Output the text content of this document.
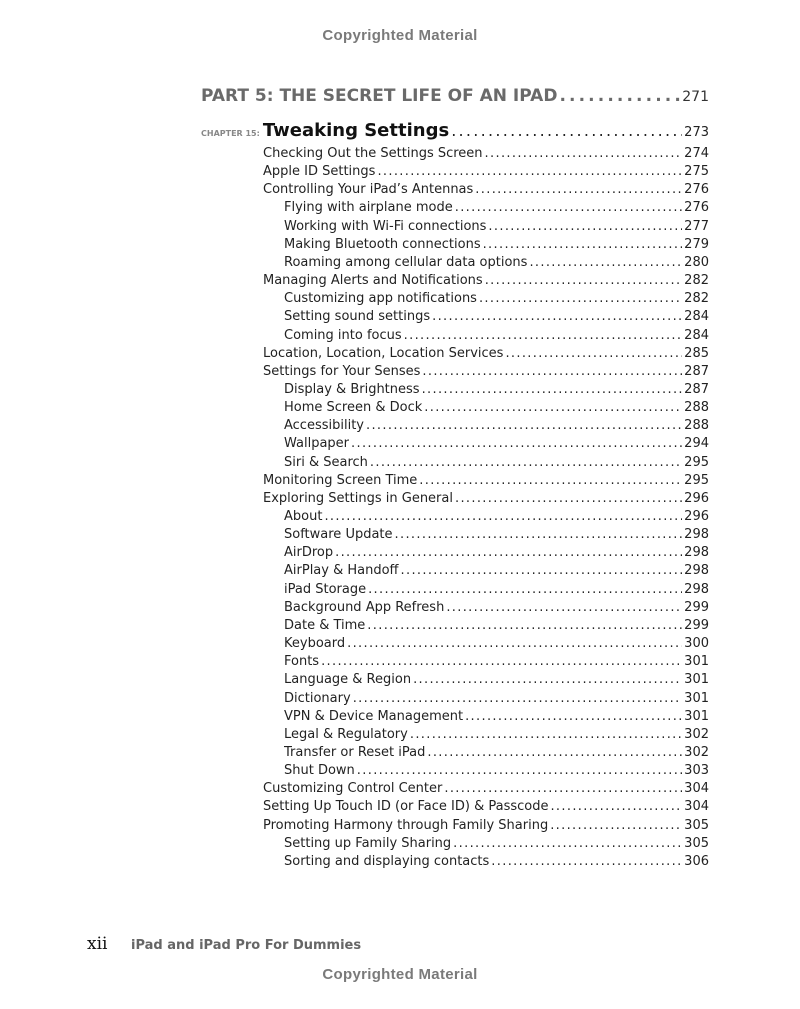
Copyrighted Material
PART 5: THE SECRET LIFE OF AN IPAD . . .	271
CHAPTER 15: Tweaking Settings . . .	273
Checking Out the Settings Screen . . .	274
Apple ID Settings . . .	275
Controlling Your iPad’s Antennas . . .	276
Flying with airplane mode . . .	276
Working with Wi-Fi connections . . .	277
Making Bluetooth connections . . .	279
Roaming among cellular data options . . .	280
Managing Alerts and Notifications . . .	282
Customizing app notifications . . .	282
Setting sound settings . . .	284
Coming into focus . . .	284
Location, Location, Location Services . . .	285
Settings for Your Senses . . .	287
Display & Brightness . . .	287
Home Screen & Dock . . .	288
Accessibility . . .	288
Wallpaper . . .	294
Siri & Search . . .	295
Monitoring Screen Time . . .	295
Exploring Settings in General . . .	296
About . . .	296
Software Update . . .	298
AirDrop . . .	298
AirPlay & Handoff . . .	298
iPad Storage . . .	298
Background App Refresh . . .	299
Date & Time . . .	299
Keyboard . . .	300
Fonts . . .	301
Language & Region . . .	301
Dictionary . . .	301
VPN & Device Management . . .	301
Legal & Regulatory . . .	302
Transfer or Reset iPad . . .	302
Shut Down . . .	303
Customizing Control Center . . .	304
Setting Up Touch ID (or Face ID) & Passcode . . .	304
Promoting Harmony through Family Sharing . . .	305
Setting up Family Sharing . . .	305
Sorting and displaying contacts . . .	306
xii iPad and iPad Pro For Dummies
Copyrighted Material
